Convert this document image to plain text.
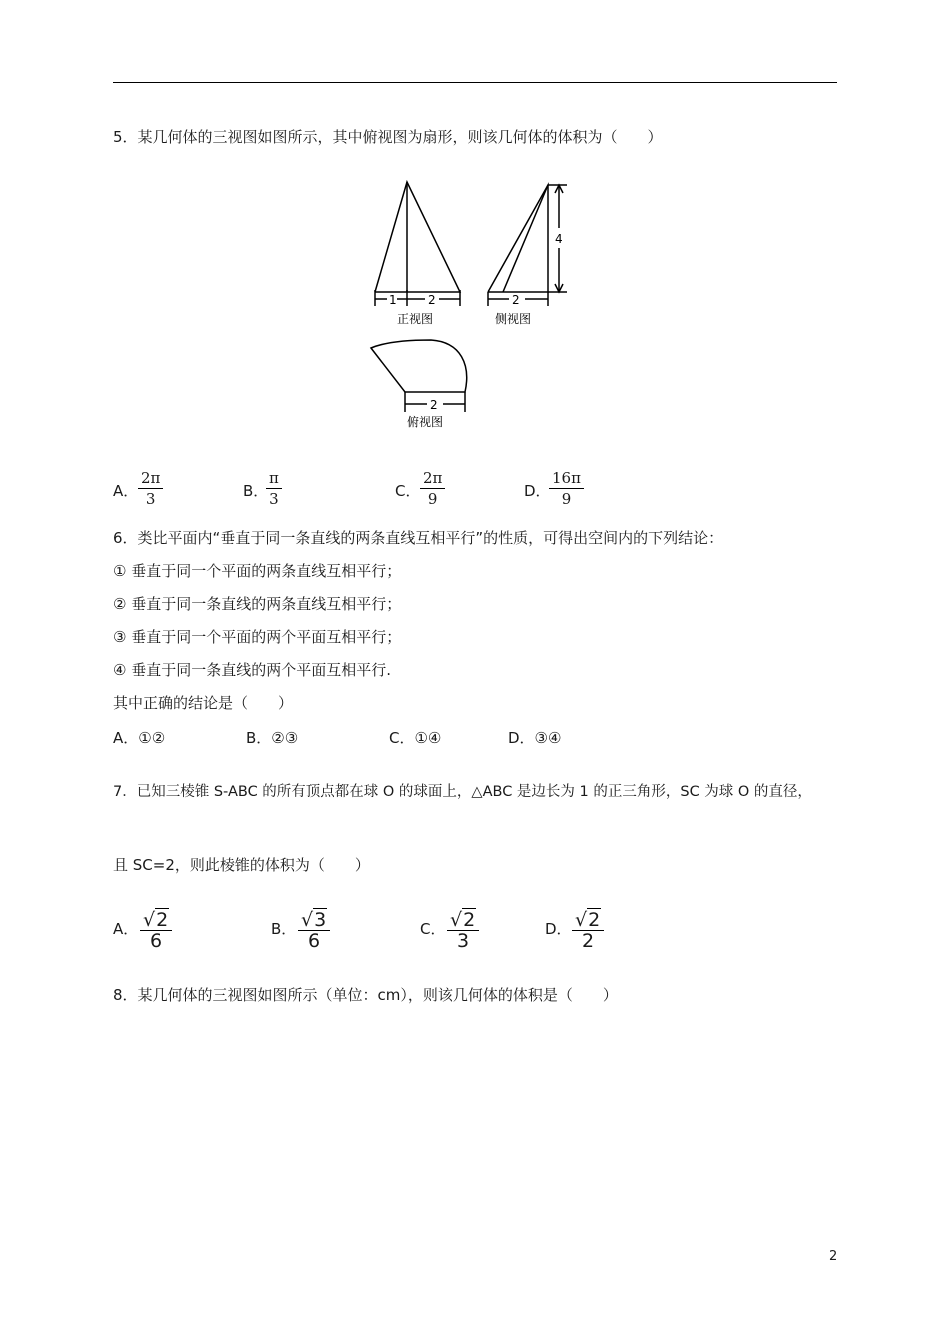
5．某几何体的三视图如图所示，其中俯视图为扇形，则该几何体的体积为（　　）
1	2
正视图
2
4
侧视图
2
俯视图
A． $\frac{2\pi}{3}$	B．
$\frac{\pi}{3}$	C． $\frac{2\pi}{9}$	D．
$\frac{16\pi}{9}$
6．类比平面内“垂直于同一条直线的两条直线互相平行”的性质，可得出空间内的下列结论：
① 垂直于同一个平面的两条直线互相平行；
② 垂直于同一条直线的两条直线互相平行；
③ 垂直于同一个平面的两个平面互相平行；
④ 垂直于同一条直线的两个平面互相平行.
其中正确的结论是（　　）
A．①②	B．②③	C．①④	D．③④
7．已知三棱锥 S-ABC 的所有顶点都在球 O 的球面上，△ABC 是边长为 1 的正三角形，SC 为球 O 的直径，
且 SC=2，则此棱锥的体积为（　　）
A． $\frac{√2}{6}$	B． $\frac{√3}{6}$	C． $\frac{√2}{3}$	D． $\frac{√2}{2}$
8．某几何体的三视图如图所示（单位：cm），则该几何体的体积是（　　）
2
